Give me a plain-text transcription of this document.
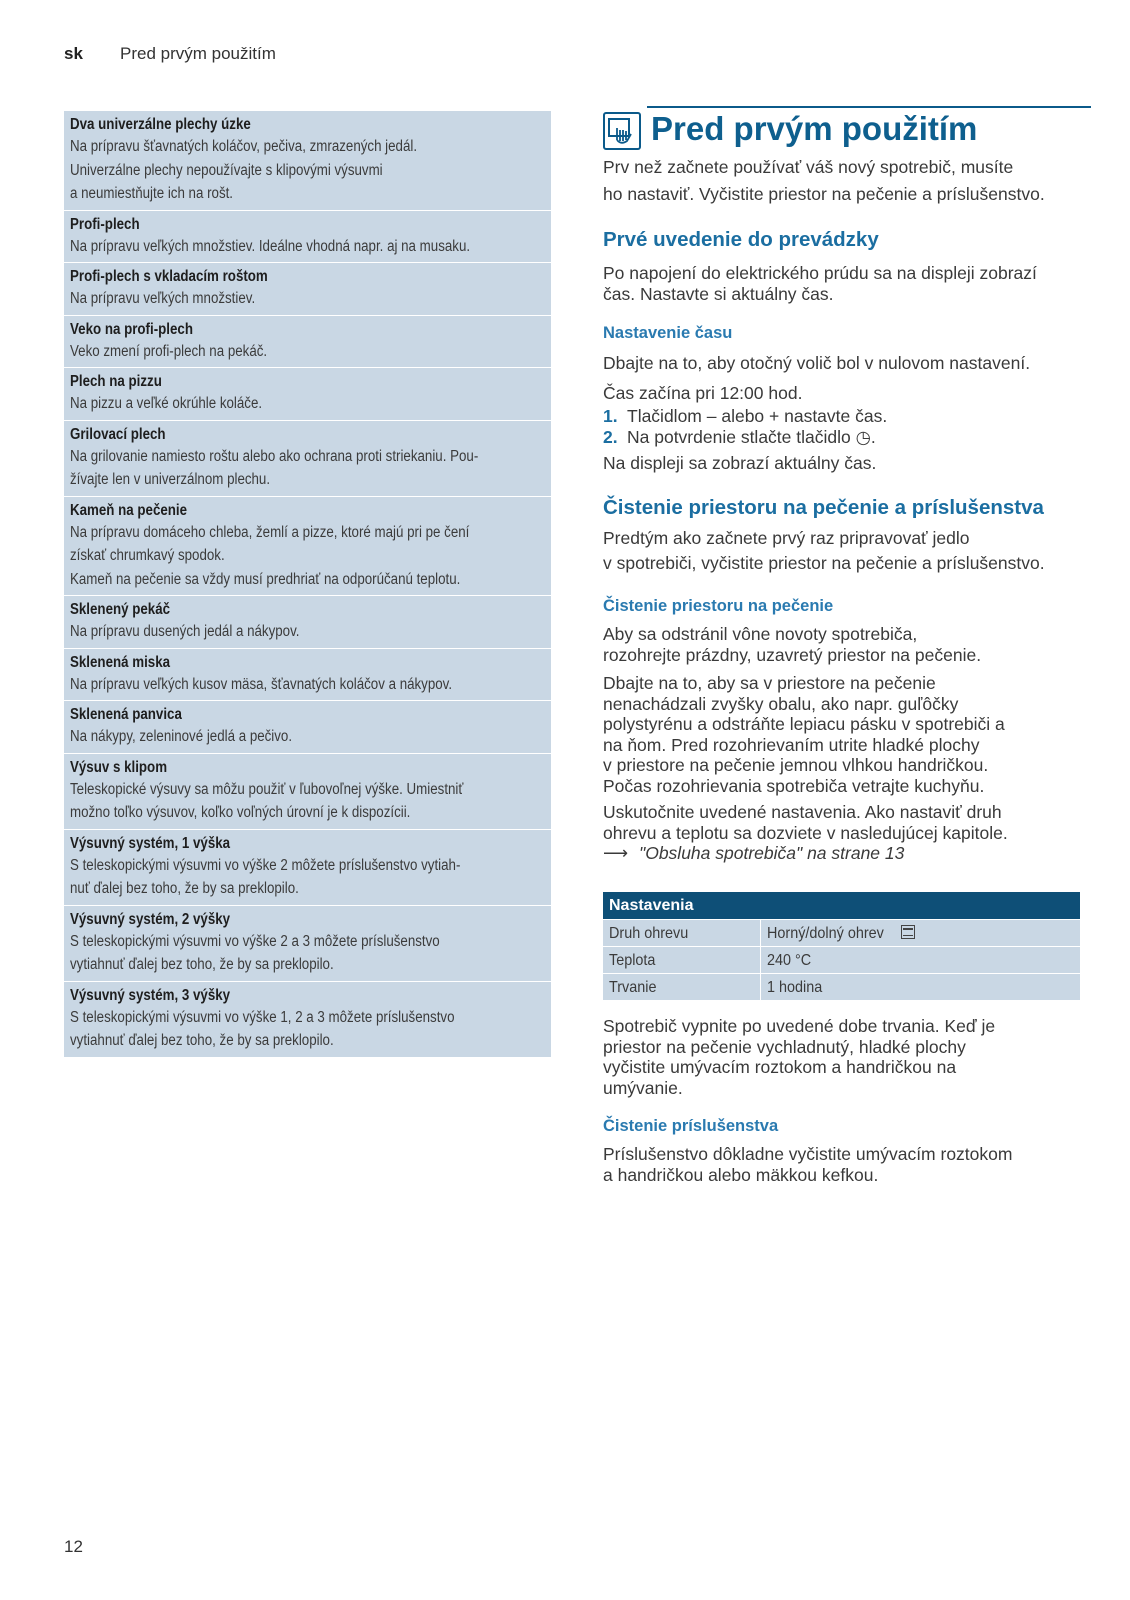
sk Pred prvým použitím
Dva univerzálne plechy úzke
Na prípravu šťavnatých koláčov, pečiva, zmrazených jedál.
Univerzálne plechy nepoužívajte s klipovými výsuvmi
a neumiestňujte ich na rošt.
Profi-plech
Na prípravu veľkých množstiev. Ideálne vhodná napr. aj na musaku.
Profi-plech s vkladacím roštom
Na prípravu veľkých množstiev.
Veko na profi-plech
Veko zmení profi-plech na pekáč.
Plech na pizzu
Na pizzu a veľké okrúhle koláče.
Grilovací plech
Na grilovanie namiesto roštu alebo ako ochrana proti striekaniu. Pou-
žívajte len v univerzálnom plechu.
Kameň na pečenie
Na prípravu domáceho chleba, žemlí a pizze, ktoré majú pri pe čení
získať chrumkavý spodok.
Kameň na pečenie sa vždy musí predhriať na odporúčanú teplotu.
Sklenený pekáč
Na prípravu dusených jedál a nákypov.
Sklenená miska
Na prípravu veľkých kusov mäsa, šťavnatých koláčov a nákypov.
Sklenená panvica
Na nákypy, zeleninové jedlá a pečivo.
Výsuv s klipom
Teleskopické výsuvy sa môžu použiť v ľubovoľnej výške. Umiestniť
možno toľko výsuvov, koľko voľných úrovní je k dispozícii.
Výsuvný systém, 1 výška
S teleskopickými výsuvmi vo výške 2 môžete príslušenstvo vytiah-
nuť ďalej bez toho, že by sa preklopilo.
Výsuvný systém, 2 výšky
S teleskopickými výsuvmi vo výške 2 a 3 môžete príslušenstvo
vytiahnuť ďalej bez toho, že by sa preklopilo.
Výsuvný systém, 3 výšky
S teleskopickými výsuvmi vo výške 1, 2 a 3 môžete príslušenstvo
vytiahnuť ďalej bez toho, že by sa preklopilo.
Pred prvým použitím
Prv než začnete používať váš nový spotrebič, musíte
ho nastaviť. Vyčistite priestor na pečenie a príslušenstvo.
Prvé uvedenie do prevádzky
Po napojení do elektrického prúdu sa na displeji zobrazí
čas. Nastavte si aktuálny čas.
Nastavenie času
Dbajte na to, aby otočný volič bol v nulovom nastavení.
Čas začína pri 12:00 hod.
1. Tlačidlom ‒ alebo + nastavte čas.
2. Na potvrdenie stlačte tlačidlo ◷.
Na displeji sa zobrazí aktuálny čas.
Čistenie priestoru na pečenie a príslušenstva
Predtým ako začnete prvý raz pripravovať jedlo
v spotrebiči, vyčistite priestor na pečenie a príslušenstvo.
Čistenie priestoru na pečenie
Aby sa odstránil vône novoty spotrebiča,
rozohrejte prázdny, uzavretý priestor na pečenie.
Dbajte na to, aby sa v priestore na pečenie
nenachádzali zvyšky obalu, ako napr. guľôčky
polystyrénu a odstráňte lepiacu pásku v spotrebiči a
na ňom. Pred rozohrievaním utrite hladké plochy
v priestore na pečenie jemnou vlhkou handričkou.
Počas rozohrievania spotrebiča vetrajte kuchyňu.
Uskutočnite uvedené nastavenia. Ako nastaviť druh
ohrevu a teplotu sa dozviete v nasledujúcej kapitole.
⟶ "Obsluha spotrebiča" na strane 13
Nastavenia
Druh ohrevu	Horný/dolný ohrev
Teplota	240 °C
Trvanie	1 hodina
Spotrebič vypnite po uvedené dobe trvania. Keď je
priestor na pečenie vychladnutý, hladké plochy
vyčistite umývacím roztokom a handričkou na
umývanie.
Čistenie príslušenstva
Príslušenstvo dôkladne vyčistite umývacím roztokom
a handričkou alebo mäkkou kefkou.
12
